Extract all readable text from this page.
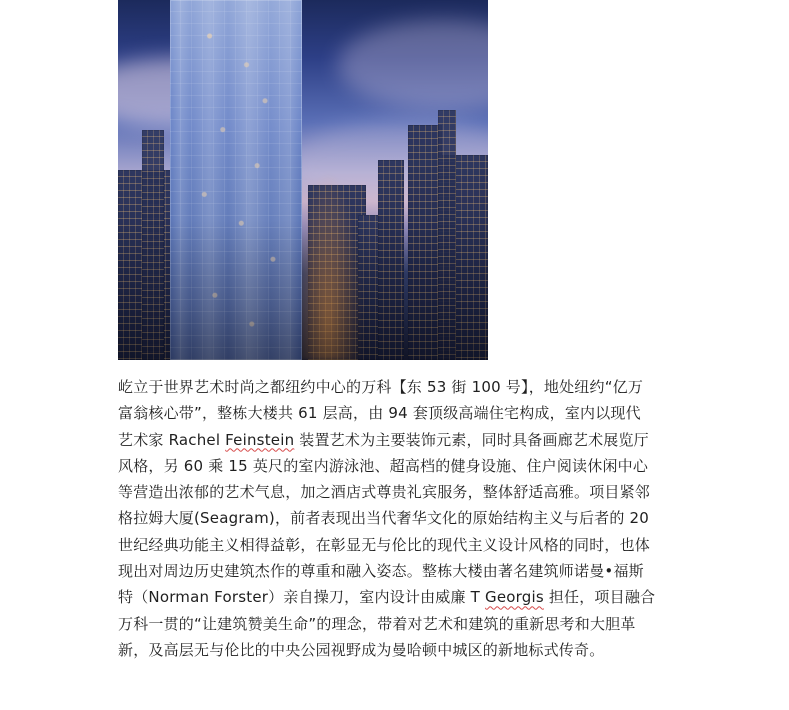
屹立于世界艺术时尚之都纽约中心的万科【东 53 街 100 号】，地处纽约“亿万
富翁核心带”，整栋大楼共 61 层高，由 94 套顶级高端住宅构成，室内以现代
艺术家 Rachel Feinstein 装置艺术为主要装饰元素，同时具备画廊艺术展览厅
风格，另 60 乘 15 英尺的室内游泳池、超高档的健身设施、住户阅读休闲中心
等营造出浓郁的艺术气息，加之酒店式尊贵礼宾服务，整体舒适高雅。项目紧邻
格拉姆大厦(Seagram)，前者表现出当代奢华文化的原始结构主义与后者的 20
世纪经典功能主义相得益彰，在彰显无与伦比的现代主义设计风格的同时，也体
现出对周边历史建筑杰作的尊重和融入姿态。整栋大楼由著名建筑师诺曼•福斯
特（Norman Forster）亲自操刀，室内设计由威廉 T Georgis 担任，项目融合
万科一贯的“让建筑赞美生命”的理念，带着对艺术和建筑的重新思考和大胆革
新，及高层无与伦比的中央公园视野成为曼哈顿中城区的新地标式传奇。
